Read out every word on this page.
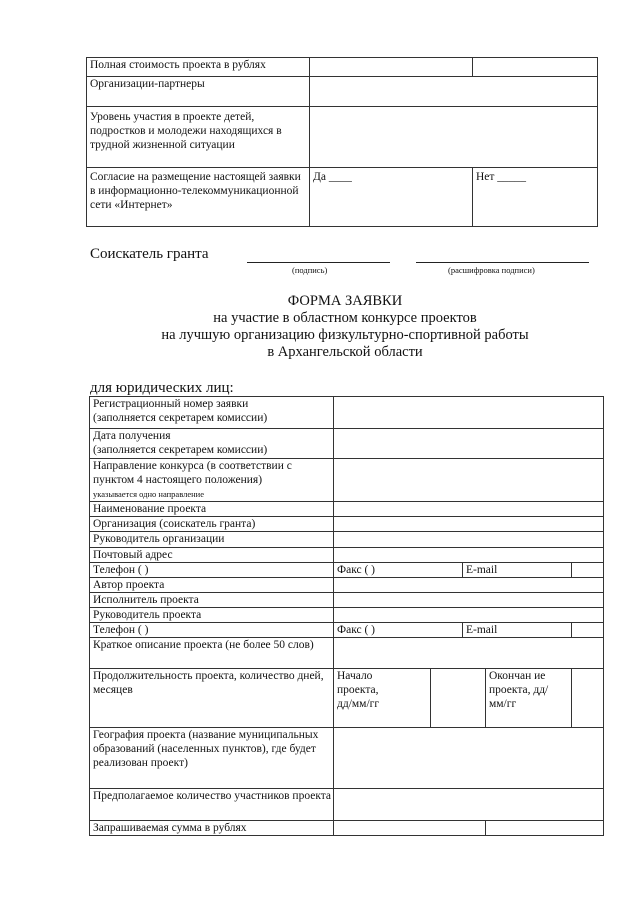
Полная стоимость проекта в рублях		
Организации-партнеры		
Уровень участия в проекте детей, подростков и молодежи находящихся в трудной жизненной ситуации		
Согласие на размещение настоящей заявки в информационно-телекоммуникационной сети «Интернет»	Да ____	Нет _____
Соискатель гранта
(подпись)	(расшифровка подписи)
ФОРМА ЗАЯВКИ
на участие в областном конкурсе проектов
на лучшую организацию физкультурно-спортивной работы
в Архангельской области
для юридических лиц:
Регистрационный номер заявки
(заполняется секретарем комиссии)					
Дата получения
(заполняется секретарем комиссии)					
Направление конкурса (в соответствии с пунктом 4 настоящего положения)
указывается одно направление					
Наименование проекта					
Организация (соискатель гранта)					
Руководитель организации					
Почтовый адрес					
Телефон ( )	Факс ( )		E-mail		
Автор проекта					
Исполнитель проекта					
Руководитель проекта					
Телефон ( )	Факс ( )		E-mail		
Краткое описание проекта (не более 50 слов)					
Продолжительность проекта, количество дней, месяцев	Начало проекта, дд/мм/гг			Окончан ие проекта, дд/мм/гг	
География проекта (название муниципальных образований (населенных пунктов), где будет реализован проект)					
Предполагаемое количество участников проекта					
Запрашиваемая сумма в рублях					
